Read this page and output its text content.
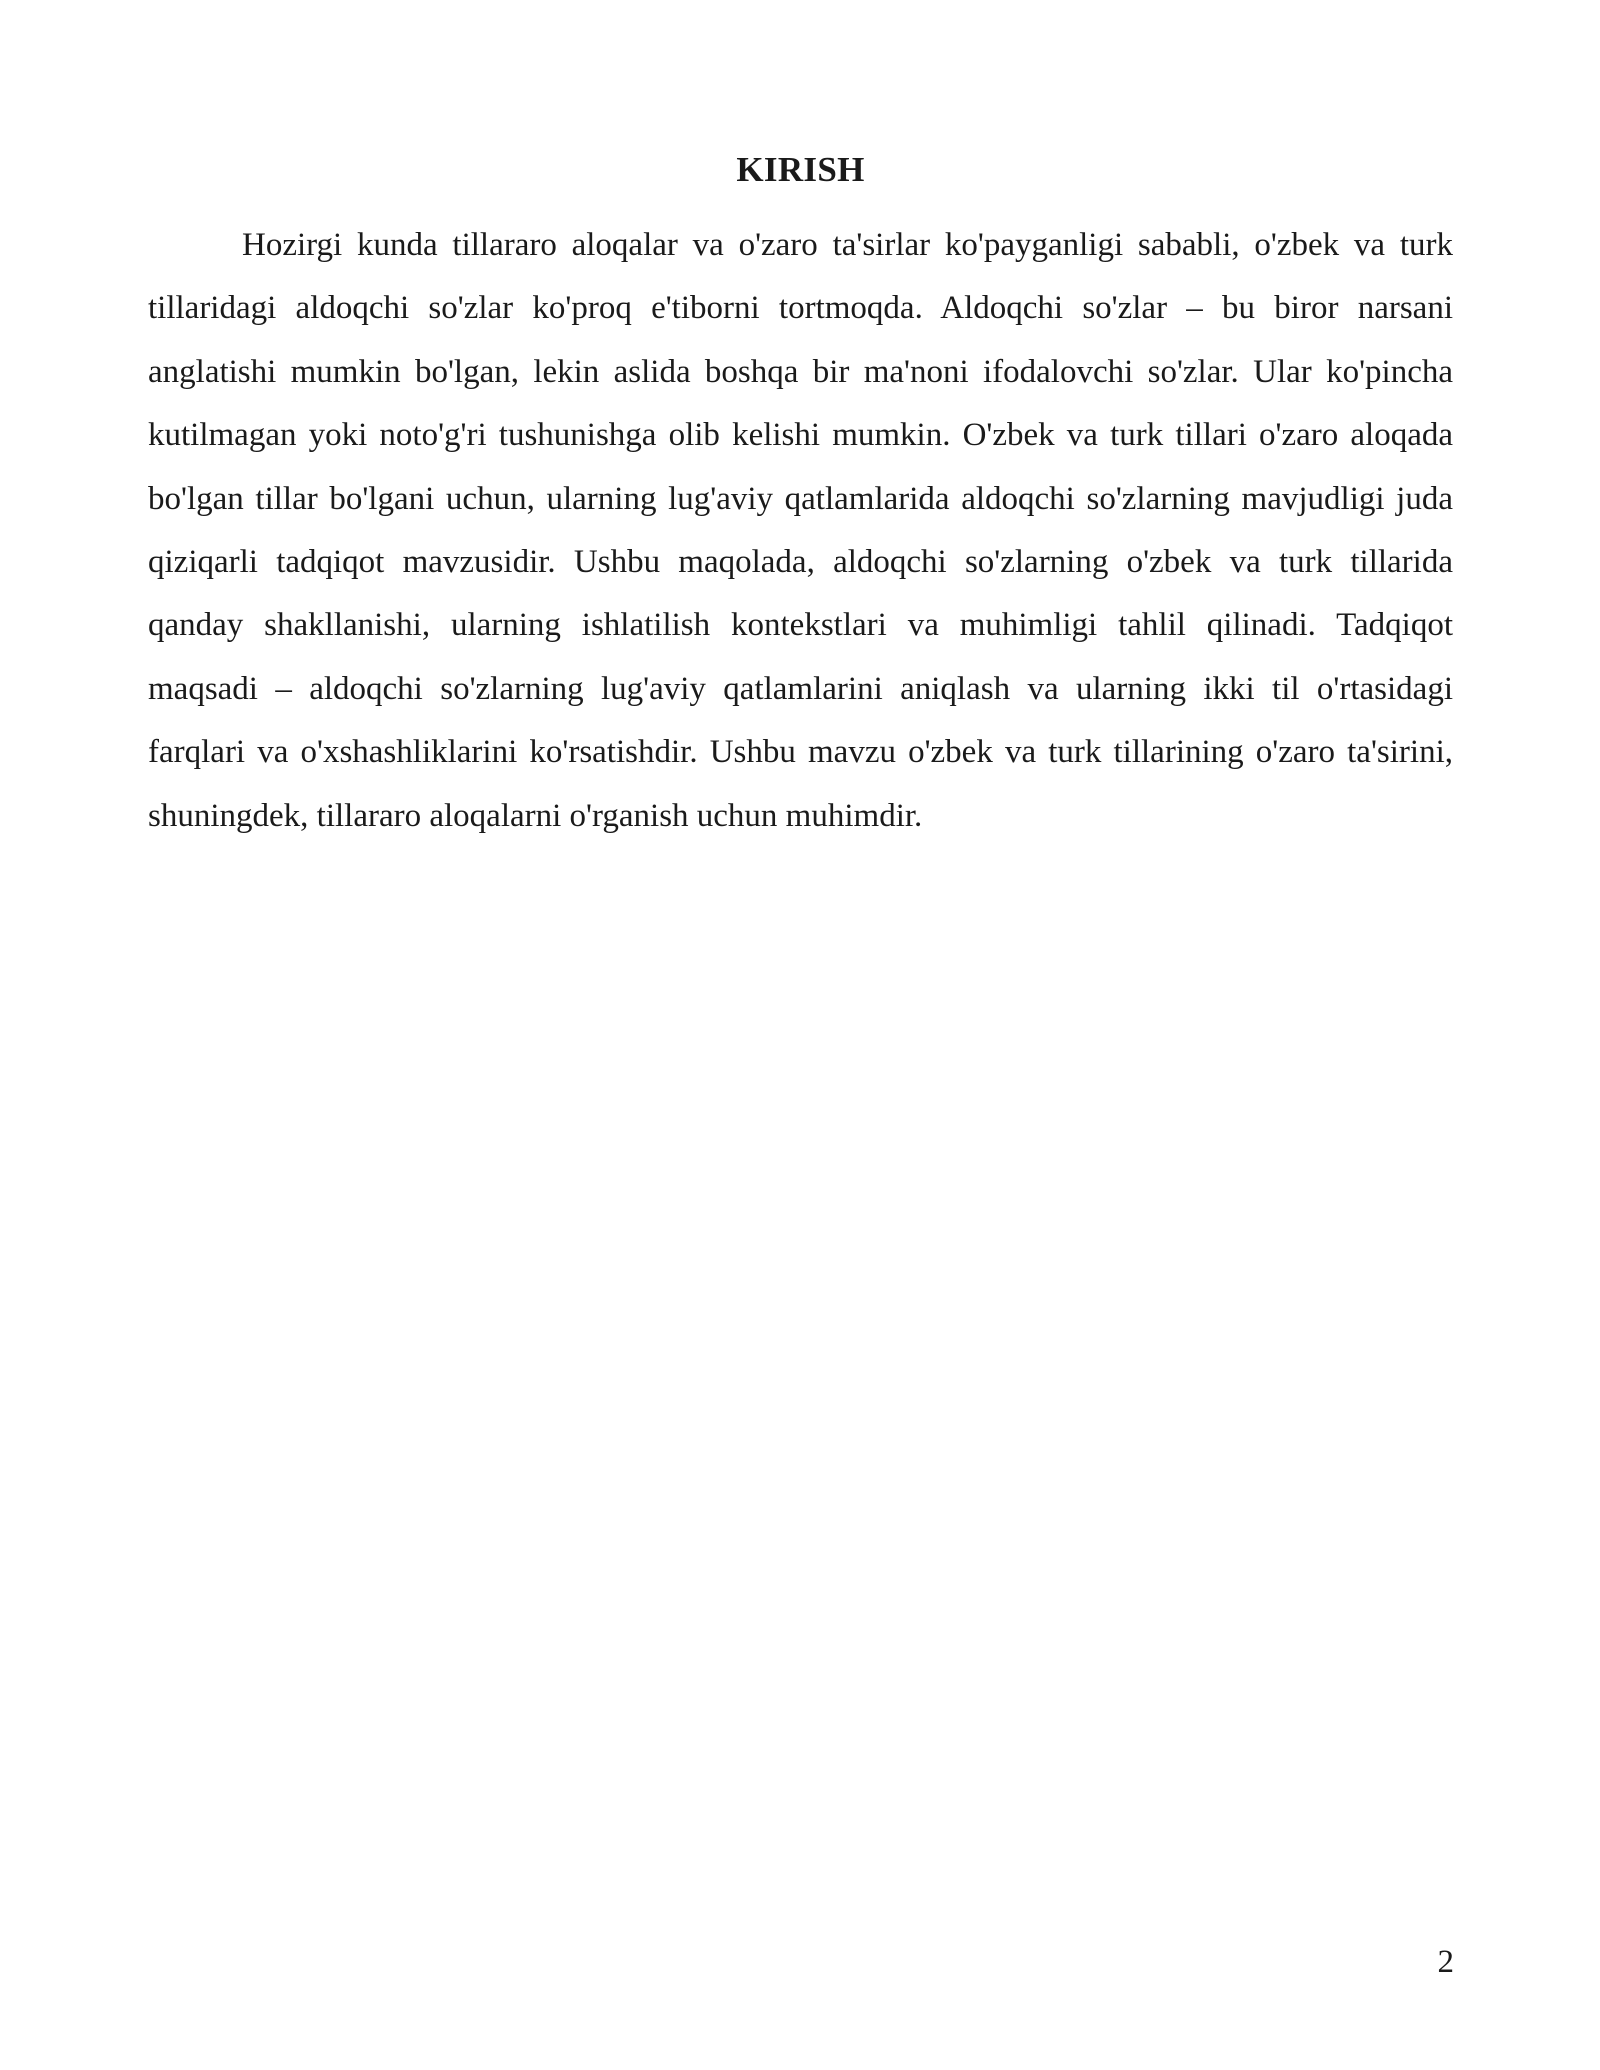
KIRISH

Hozirgi kunda tillararo aloqalar va o'zaro ta'sirlar ko'payganligi sababli, o'zbek va turk tillaridagi aldoqchi so'zlar ko'proq e'tiborni tortmoqda. Aldoqchi so'zlar – bu biror narsani anglatishi mumkin bo'lgan, lekin aslida boshqa bir ma'noni ifodalovchi so'zlar. Ular ko'pincha kutilmagan yoki noto'g'ri tushunishga olib kelishi mumkin. O'zbek va turk tillari o'zaro aloqada bo'lgan tillar bo'lgani uchun, ularning lug'aviy qatlamlarida aldoqchi so'zlarning mavjudligi juda qiziqarli tadqiqot mavzusidir. Ushbu maqolada, aldoqchi so'zlarning o'zbek va turk tillarida qanday shakllanishi, ularning ishlatilish kontekstlari va muhimligi tahlil qilinadi. Tadqiqot maqsadi – aldoqchi so'zlarning lug'aviy qatlamlarini aniqlash va ularning ikki til o'rtasidagi farqlari va o'xshashliklarini ko'rsatishdir. Ushbu mavzu o'zbek va turk tillarining o'zaro ta'sirini, shuningdek, tillararo aloqalarni o'rganish uchun muhimdir.

2
